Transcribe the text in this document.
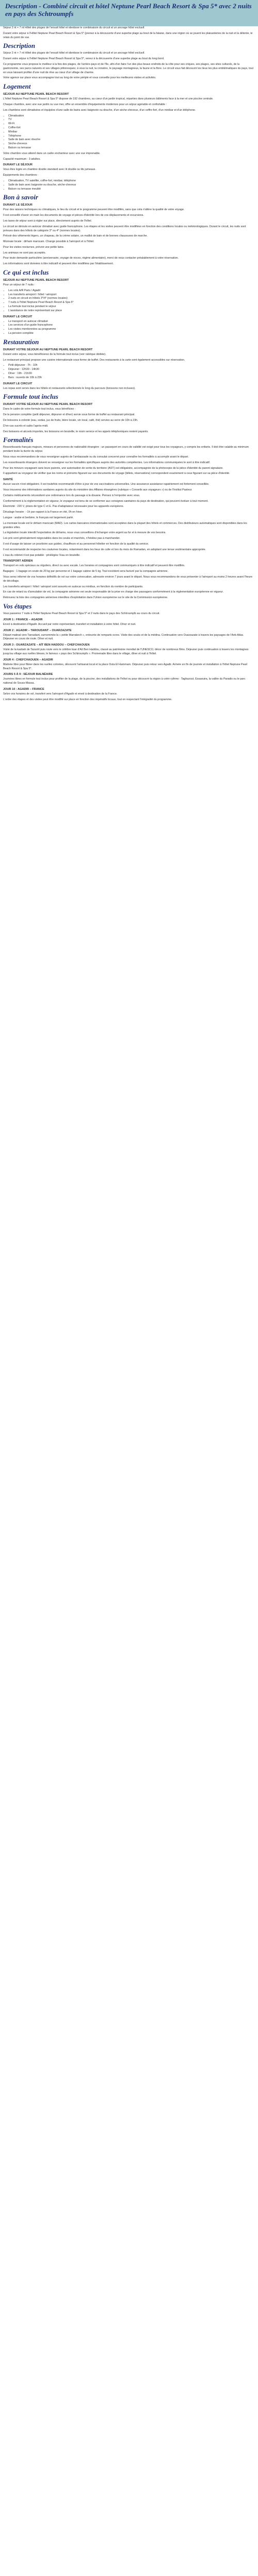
Description - Combiné circuit et hôtel Neptune Pearl Beach Resort & Spa 5* avec 2 nuits en pays des Schtroumpfs

Séjour 2 nt + 7 nt Hôtel des pluges de l'ensuit hôtel et identisse le combinaison du circuit et un ancrage hôtel exclusif.

Durant votre séjour à l'Hôtel Neptune Pearl Beach Resort & Spa 5* (prenez à la découverte d'une superbe plage au bout de la falaise, dans une région où se jouent les plaisanteries de la nuit et la détente, le relais du point de vue.

Description

Séjour 2 nt + 7 nt Hôtel des pluges de l'ensuit hôtel et identisse le combinaison du circuit et un ancrage hôtel exclusif.

Durant votre séjour à l'Hôtel Neptune Pearl Beach Resort & Spa 5*, venez à la découverte d'une superbe plage au bout du long bord.

Ce programme vous propose le meilleur à la fois des plages, de l'arrière-pays et de l'île, afin d'en faire l'un des plus beaux endroits de la côte pour ses criques, ses plages, ses sites culturels, de la gastronomie, ses parcs naturels et ses villages pittoresques; à vous la nuit, la croisière, le paysage montagneux, la faune et la flore. Le circuit vous fait découvrir les lieux les plus emblématiques du pays, tout en vous laissant profiter d'une nuit de rêve au cœur d'un village de charme.

Votre agence sur place vous accompagne tout au long de votre périple et vous conseille pour les meilleures visites et activités.

Logement

SÉJOUR AU NEPTUNE PEARL BEACH RESORT

L'hôtel Neptune Pearl Beach Resort & Spa 5* dispose de 192 chambres, au cœur d'un jardin tropical, réparties dans plusieurs bâtiments face à la mer et une piscine centrale.

Chaque chambre, avec une vue jardin ou vue mer, offre un ensemble d'équipements modernes pour un séjour agréable et confortable :

Les chambres sont climatisées et équipées d'une salle de bains avec baignoire ou douche, d'un sèche-cheveux, d'un coffre-fort, d'un minibar et d'un téléphone.

• Climatisation
• TV
• Wi-Fi
• Coffre-fort
• Minibar
• Téléphone
• Salle de bain avec douche
• Sèche-cheveux
• Balcon ou terrasse

Votre chambre vous attend dans un cadre enchanteur avec une vue imprenable.

Capacité maximum : 3 adultes.

DURANT LE SÉJOUR

Vous êtes logés en chambre double standard avec lit double ou lits jumeaux.

Équipements des chambres :

• Climatisation, TV satellite, coffre-fort, minibar, téléphone
• Salle de bain avec baignoire ou douche, sèche-cheveux
• Balcon ou terrasse meublé
Bon à savoir

DURANT LE SÉJOUR

Pour des raisons techniques ou climatiques, le lieu du circuit et le programme peuvent être modifiés, sans que cela n'altère la qualité de votre voyage.

Il est conseillé d'avoir en main les documents de voyage et pièces d'identité lors de vos déplacements et excursions.

Les taxes de séjour sont à régler sur place, directement auprès de l'hôtel.

Le circuit se déroule en autocar climatisé avec guide francophone. Les étapes et les visites peuvent être modifiées en fonction des conditions locales ou météorologiques. Durant le circuit, les nuits sont prévues dans des hôtels de catégorie 3* ou 4* (normes locales).

Prévoir des vêtements légers, un chapeau, de la crème solaire, un maillot de bain et de bonnes chaussures de marche.

Monnaie locale : dirham marocain. Change possible à l'aéroport et à l'hôtel.

Pour les visites nocturnes, prévoir une petite laine.

Les animaux ne sont pas acceptés.

Pour toute demande particulière (anniversaire, voyage de noces, régime alimentaire), merci de nous contacter préalablement à votre réservation.

Les informations sont données à titre indicatif et peuvent être modifiées par l'établissement.

Ce qui est inclus

SÉJOUR AU NEPTUNE PEARL BEACH RESORT

Pour un séjour de 7 nuits :

• Les vols A/R Paris / Agadir
• Les transferts aéroport / hôtel / aéroport
• 2 nuits en circuit en hôtels 3*/4* (normes locales)
• 7 nuits à l'hôtel Neptune Pearl Beach Resort & Spa 5*
• La formule tout inclus pendant le séjour
• L'assistance de notre représentant sur place

DURANT LE CIRCUIT

• Le transport en autocar climatisé
• Les services d'un guide francophone
• Les visites mentionnées au programme
• La pension complète
Restauration

DURANT VOTRE SÉJOUR AU NEPTUNE PEARL BEACH RESORT

Durant votre séjour, vous bénéficierez de la formule tout inclus (voir rubrique dédiée).

Le restaurant principal propose une cuisine internationale sous forme de buffet. Des restaurants à la carte sont également accessibles sur réservation.

• Petit déjeuner : 7h - 10h
• Déjeuner : 12h30 - 14h30
• Dîner : 19h - 21h30
• Bars : ouverts de 10h à 23h

DURANT LE CIRCUIT

Les repas sont servis dans les hôtels et restaurants sélectionnés le long du parcours (boissons non incluses).

Formule tout inclus

DURANT VOTRE SÉJOUR AU NEPTUNE PEARL BEACH RESORT

Dans le cadre de votre formule tout inclus, vous bénéficiez :

De la pension complète (petit déjeuner, déjeuner et dîner) servie sous forme de buffet au restaurant principal.

De boissons à volonté (eau, sodas, jus de fruits, bière locale, vin local, café, thé) servies au verre de 10h à 23h.

D'en-cas sucrés et salés l'après-midi.

Des boissons et alcools importés, les boissons en bouteille, le room service et les appels téléphoniques restent payants.

Formalités

Ressortissants français majeurs, mineurs et personnes de nationalité étrangère : un passeport en cours de validité est exigé pour tous les voyageurs, y compris les enfants. Il doit être valable au minimum pendant toute la durée du séjour.

Nous vous recommandons de vous renseigner auprès de l'ambassade ou du consulat concerné pour connaître les formalités à accomplir avant le départ.

Les ressortissants étrangers doivent se renseigner sur les formalités spécifiques auprès des autorités compétentes. Les informations communiquées le sont à titre indicatif.

Pour les mineurs voyageant sans leurs parents, une autorisation de sortie du territoire (AST) est obligatoire, accompagnée de la photocopie de la pièce d'identité du parent signataire.

Il appartient au voyageur de vérifier que les noms et prénoms figurant sur ses documents de voyage (billets, réservations) correspondent exactement à ceux figurant sur sa pièce d'identité.

SANTÉ

Aucun vaccin n'est obligatoire. Il est toutefois recommandé d'être à jour de vos vaccinations universelles. Une assurance assistance rapatriement est fortement conseillée.

Vous trouverez des informations sanitaires auprès du site du ministère des Affaires étrangères (rubrique « Conseils aux voyageurs ») ou de l'Institut Pasteur.

Certains médicaments nécessitent une ordonnance lors du passage à la douane. Pensez à l'emporter avec vous.

Conformément à la réglementation en vigueur, le voyageur est tenu de se conformer aux consignes sanitaires du pays de destination, qui peuvent évoluer à tout moment.

Électricité : 220 V, prises de type C et E. Pas d'adaptateur nécessaire pour les appareils européens.

Décalage horaire : -1h par rapport à la France en été, 0h en hiver.

Langue : arabe et berbère, le français est largement parlé.

La monnaie locale est le dirham marocain (MAD). Les cartes bancaires internationales sont acceptées dans la plupart des hôtels et commerces. Des distributeurs automatiques sont disponibles dans les grandes villes.

La législation locale interdit l'exportation de dirhams, nous vous conseillons d'échanger votre argent au fur et à mesure de vos besoins.

Les prix sont généralement négociables dans les souks et marchés, n'hésitez pas à marchander.

Il est d'usage de laisser un pourboire aux guides, chauffeurs et au personnel hôtelier en fonction de la qualité du service.

Il est recommandé de respecter les coutumes locales, notamment dans les lieux de culte et lors du mois de Ramadan, en adoptant une tenue vestimentaire appropriée.

L'eau du robinet n'est pas potable : privilégiez l'eau en bouteille.

TRANSPORT AÉRIEN

Transport en vols spéciaux ou réguliers, direct ou avec escale. Les horaires et compagnies sont communiqués à titre indicatif et peuvent être modifiés.

Bagages : 1 bagage en soute de 20 kg par personne et 1 bagage cabine de 5 kg. Tout excédent sera facturé par la compagnie aérienne.

Vous serez informé de vos horaires définitifs de vol sur votre convocation, adressée environ 7 jours avant le départ. Nous vous recommandons de vous présenter à l'aéroport au moins 2 heures avant l'heure de décollage.

Les transferts aéroport / hôtel / aéroport sont assurés en autocar ou minibus, en fonction du nombre de participants.

En cas de retard ou d'annulation de vol, la compagnie aérienne est seule responsable de la prise en charge des passagers conformément à la réglementation européenne en vigueur.

Retrouvez la liste des compagnies aériennes interdites d'exploitation dans l'Union européenne sur le site de la Commission européenne.

Vos étapes

Vous passerez 7 nuits à l'hôtel Neptune Pearl Beach Resort & Spa 5* et 2 nuits dans le pays des Schtroumpfs au cours du circuit.

JOUR 1 : FRANCE – AGADIR

Envol à destination d'Agadir. Accueil par notre représentant, transfert et installation à votre hôtel. Dîner et nuit.

JOUR 2 : AGADIR – TAROUDANT – OUARZAZATE

Départ matinal vers Taroudant, surnommée la « petite Marrakech », entourée de remparts ocres. Visite des souks et de la médina. Continuation vers Ouarzazate à travers les paysages de l'Anti-Atlas. Déjeuner en cours de route. Dîner et nuit.

JOUR 3 : OUARZAZATE – AÏT BEN HADDOU – CHEFCHAOUEN

Visite de la kasbah de Taourirt puis route vers le célèbre ksar d'Aït Ben Haddou, classé au patrimoine mondial de l'UNESCO, décor de nombreux films. Déjeuner puis continuation à travers les montagnes jusqu'au village aux ruelles bleues, le fameux « pays des Schtroumpfs ». Promenade libre dans le village, dîner et nuit à l'hôtel.

JOUR 4 : CHEFCHAOUEN – AGADIR

Matinée libre pour flâner dans les ruelles colorées, découvrir l'artisanat local et la place Outa El Hammam. Déjeuner puis retour vers Agadir. Arrivée en fin de journée et installation à l'hôtel Neptune Pearl Beach Resort & Spa 5*.

JOURS 5 À 9 : SÉJOUR BALNÉAIRE

Journées libres en formule tout inclus pour profiter de la plage, de la piscine, des installations de l'hôtel ou pour découvrir la région à votre rythme : Taghazout, Essaouira, la vallée du Paradis ou le parc national de Souss-Massa.

JOUR 10 : AGADIR – FRANCE

Selon vos horaires de vol, transfert vers l'aéroport d'Agadir et envol à destination de la France.

L'ordre des étapes et des visites peut être modifié sur place en fonction des impératifs locaux, tout en respectant l'intégralité du programme.
